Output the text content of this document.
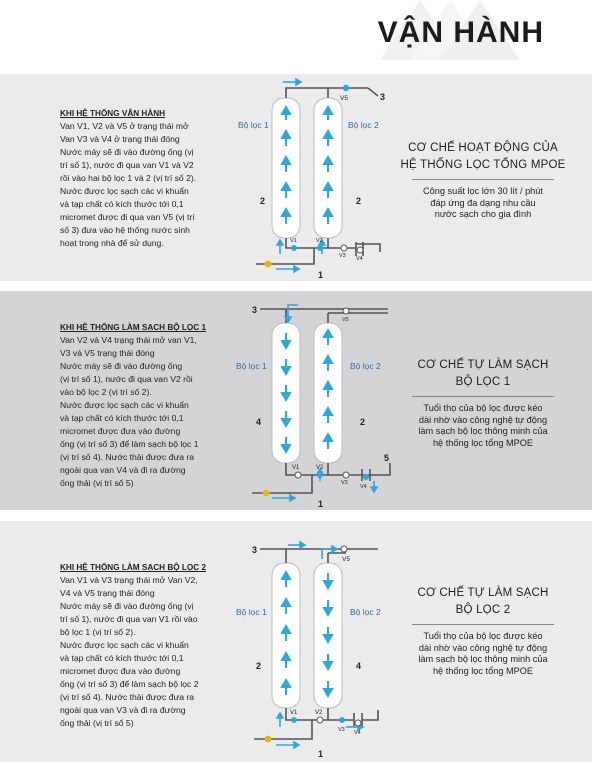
VẬN HÀNH
KHI HỆ THỐNG VẬN HÀNH
Van V1, V2 và V5 ở trạng thái mở
Van V3 và V4 ở trạng thái đóng
Nước máy sẽ đi vào đường ống (vị
trí số 1), nước đi qua van V1 và V2
rồi vào hai bộ lọc 1 và 2 (vị trí số 2).
Nước được lọc sạch các vi khuẩn
và tạp chất có kích thước tới 0,1
micromet được đi qua van V5 (vị trí
số 3) đưa vào hệ thống nước sinh
hoạt trong nhà để sử dụng.
Bộ lọc 1	Bộ lọc 2
2	2
3
1
V5
V1	V2
V3 V4
CƠ CHẾ HOẠT ĐỘNG CỦA
HỆ THỐNG LỌC TỔNG MPOE
Công suất lọc lớn 30 lít / phút
đáp ứng đa dạng nhu cầu
nước sạch cho gia đình
KHI HỆ THỐNG LÀM SẠCH BỘ LỌC 1
Van V2 và V4 trạng thái mở van V1,
V3 và V5 trạng thái đóng
Nước máy sẽ đi vào đường ống
(vị trí số 1), nước đi qua van V2 rồi
vào bộ lọc 2 (vị trí số 2).
Nước được lọc sạch các vi khuẩn
và tạp chất có kích thước tới 0,1
micromet được đưa vào đường
ống (vị trí số 3) để làm sạch bộ lọc 1
(vị trí số 4). Nước thải được đưa ra
ngoài qua van V4 và đi ra đường
ống thải (vị trí số 5)
Bộ lọc 1	Bộ lọc 2
3
4	2
5
1
V5
V1	V2
V3
V4
CƠ CHẾ TỰ LÀM SẠCH
BỘ LỌC 1
Tuổi thọ của bộ lọc được kéo
dài nhờ vào công nghệ tự động
làm sạch bộ lọc thông minh của
hệ thống lọc tổng MPOE
KHI HỆ THỐNG LÀM SẠCH BỘ LỌC 2
Van V1 và V3 trạng thái mở Van V2,
V4 và V5 trạng thái đóng
Nước máy sẽ đi vào đường ống (vị
trí số 1), nước đi qua van V1 rồi vào
bộ lọc 1 (vị trí số 2).
Nước được lọc sạch các vi khuẩn
và tạp chất có kích thước tới 0,1
micromet được đưa vào đường
ống (vị trí số 3) để làm sạch bộ lọc 2
(vị trí số 4). Nước thải được đưa ra
ngoài qua van V3 và đi ra đường
ống thải (vị trí số 5)
Bộ lọc 1	Bộ lọc 2
3
2	4
1
V5
V1	V2
V3 V4
CƠ CHẾ TỰ LÀM SẠCH
BỘ LỌC 2
Tuổi thọ của bộ lọc được kéo
dài nhờ vào công nghệ tự động
làm sạch bộ lọc thông minh của
hệ thống lọc tổng MPOE
